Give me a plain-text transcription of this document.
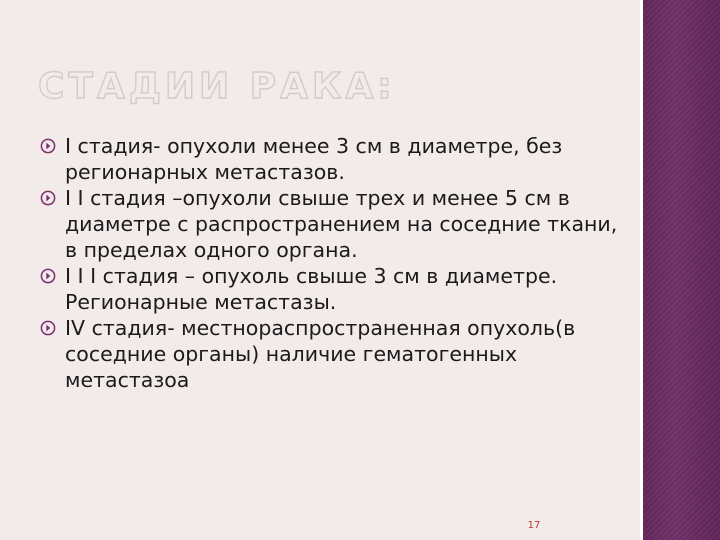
СТАДИИ РАКА:
I стадия- опухоли менее 3 см в диаметре, без регионарных метастазов.
I I стадия –опухоли свыше трех и менее 5 см в диаметре с распространением на соседние ткани, в пределах одного органа.
I I I стадия – опухоль свыше 3 см в диаметре. Регионарные метастазы.
IV стадия- местнораспространенная опухоль(в соседние органы) наличие гематогенных метастазоа
17
